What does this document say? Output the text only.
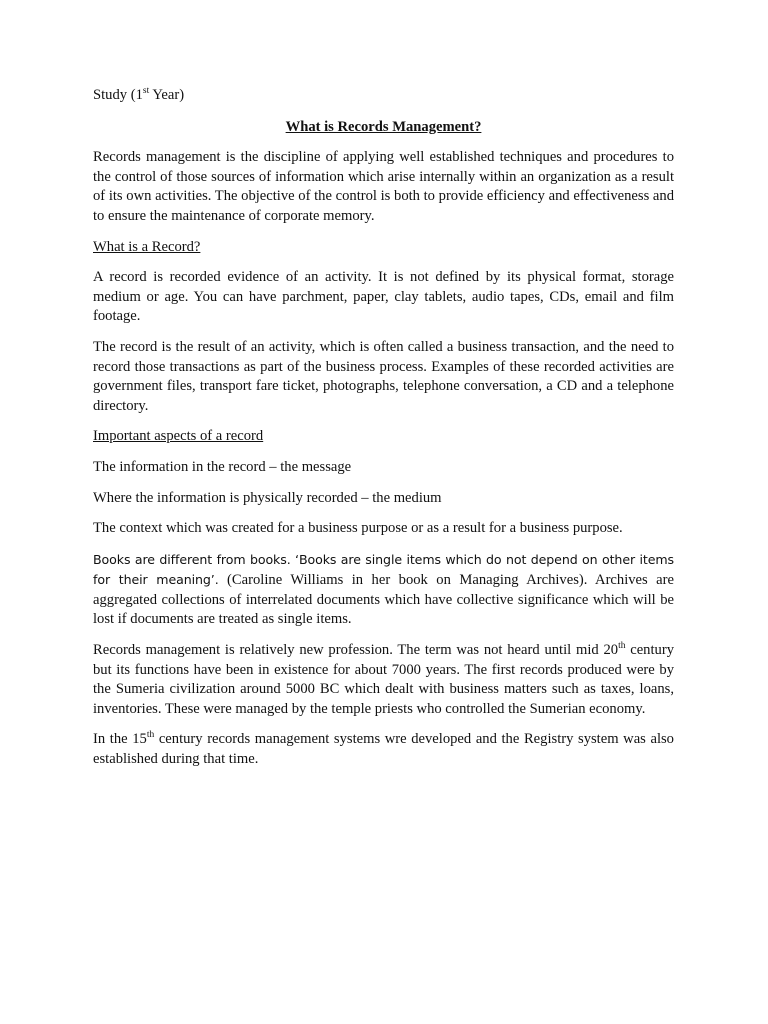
Study (1st Year)

What is Records Management?

Records management is the discipline of applying well established techniques and procedures to the control of those sources of information which arise internally within an organization as a result of its own activities. The objective of the control is both to provide efficiency and effectiveness and to ensure the maintenance of corporate memory.

What is a Record?

A record is recorded evidence of an activity. It is not defined by its physical format, storage medium or age. You can have parchment, paper, clay tablets, audio tapes, CDs, email and film footage.

The record is the result of an activity, which is often called a business transaction, and the need to record those transactions as part of the business process. Examples of these recorded activities are government files, transport fare ticket, photographs, telephone conversation, a CD and a telephone directory.

Important aspects of a record

The information in the record – the message

Where the information is physically recorded – the medium

The context which was created for a business purpose or as a result for a business purpose.

Books are different from books. ‘Books are single items which do not depend on other items for their meaning’. (Caroline Williams in her book on Managing Archives). Archives are aggregated collections of interrelated documents which have collective significance which will be lost if documents are treated as single items.

Records management is relatively new profession. The term was not heard until mid 20th century but its functions have been in existence for about 7000 years. The first records produced were by the Sumeria civilization around 5000 BC which dealt with business matters such as taxes, loans, inventories. These were managed by the temple priests who controlled the Sumerian economy.

In the 15th century records management systems wre developed and the Registry system was also established during that time.
